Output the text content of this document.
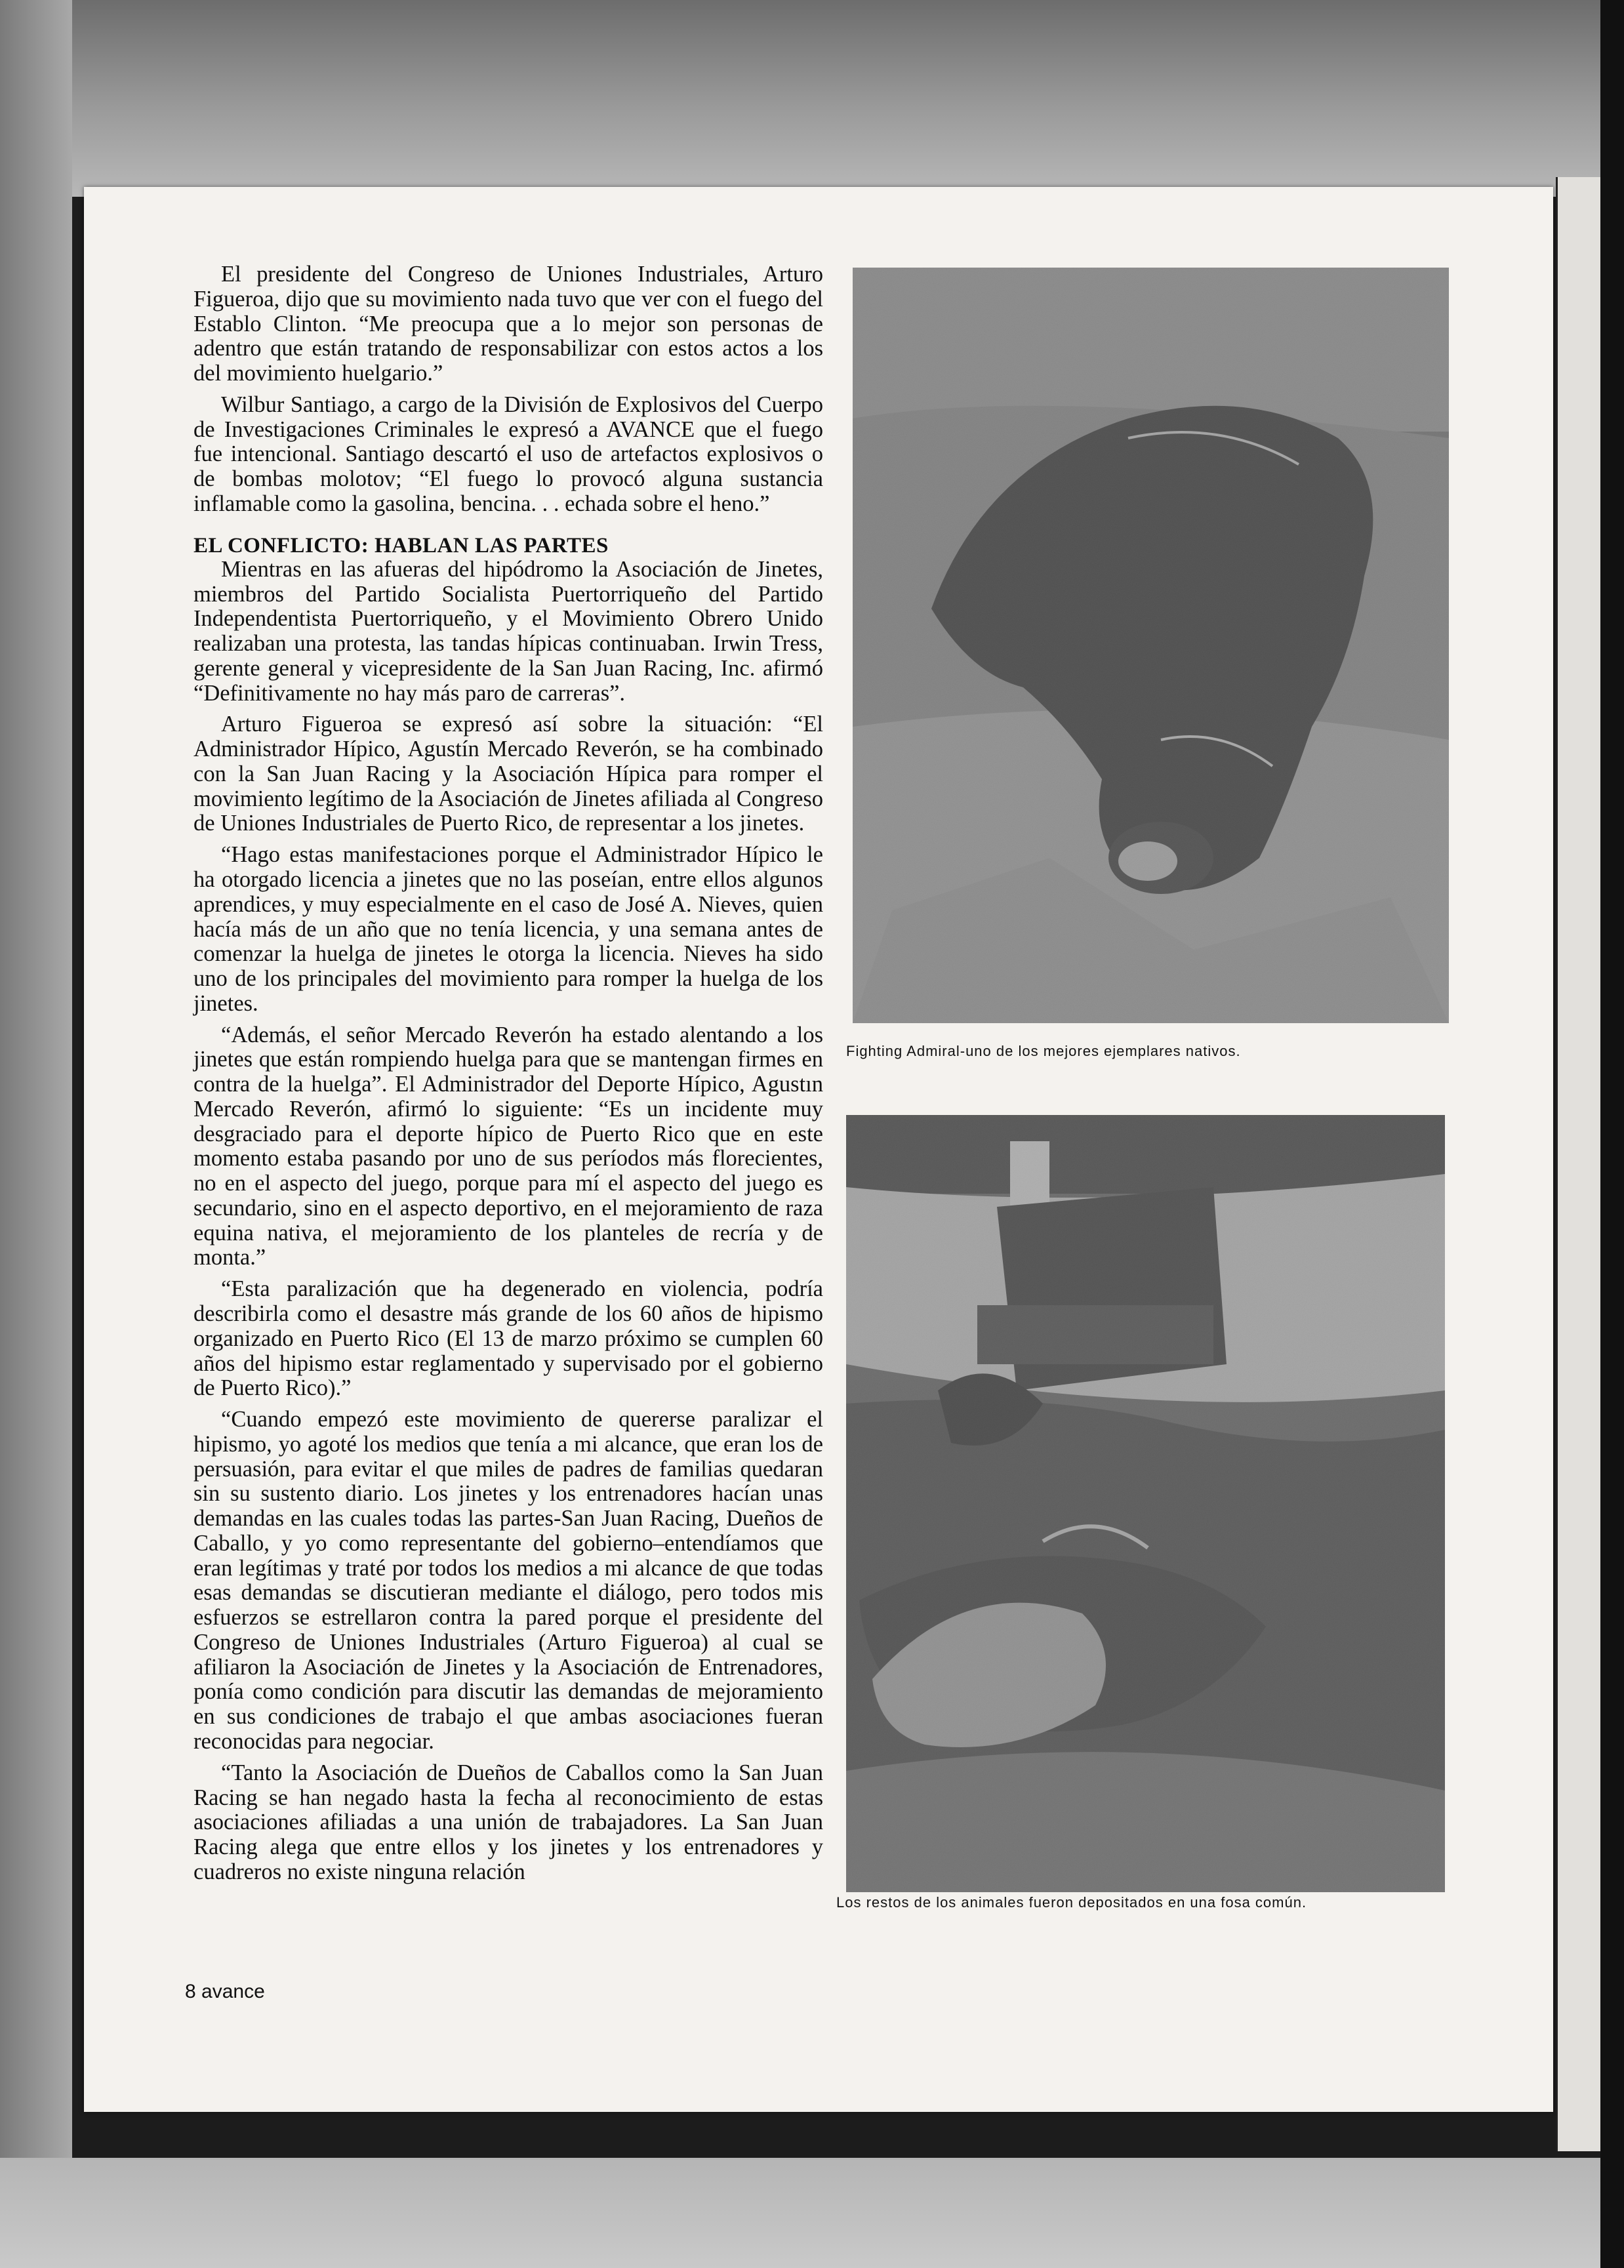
El presidente del Congreso de Uniones Industriales, Arturo Figueroa, dijo que su movimiento nada tuvo que ver con el fuego del Establo Clinton. “Me preocupa que a lo mejor son personas de adentro que están tratando de responsabilizar con estos actos a los del movimiento huelgario.”

Wilbur Santiago, a cargo de la División de Explosivos del Cuerpo de Investigaciones Criminales le expresó a AVANCE que el fuego fue intencional. Santiago descartó el uso de artefactos explosivos o de bombas molotov; “El fuego lo provocó alguna sustancia inflamable como la gasolina, bencina. . . echada sobre el heno.”

EL CONFLICTO: HABLAN LAS PARTES

Mientras en las afueras del hipódromo la Asociación de Jinetes, miembros del Partido Socialista Puertorriqueño del Partido Independentista Puertorriqueño, y el Movimiento Obrero Unido realizaban una protesta, las tandas hípicas continuaban. Irwin Tress, gerente general y vicepresidente de la San Juan Racing, Inc. afirmó “Definitivamente no hay más paro de carreras”.

Arturo Figueroa se expresó así sobre la situación: “El Administrador Hípico, Agustín Mercado Reverón, se ha combinado con la San Juan Racing y la Asociación Hípica para romper el movimiento legítimo de la Asociación de Jinetes afiliada al Congreso de Uniones Industriales de Puerto Rico, de representar a los jinetes.

“Hago estas manifestaciones porque el Administrador Hípico le ha otorgado licencia a jinetes que no las poseían, entre ellos algunos aprendices, y muy especialmente en el caso de José A. Nieves, quien hacía más de un año que no tenía licencia, y una semana antes de comenzar la huelga de jinetes le otorga la licencia. Nieves ha sido uno de los principales del movimiento para romper la huelga de los jinetes.

“Además, el señor Mercado Reverón ha estado alentando a los jinetes que están rompiendo huelga para que se mantengan firmes en contra de la huelga”. El Administrador del Deporte Hípico, Agustın Mercado Reverón, afirmó lo siguiente: “Es un incidente muy desgraciado para el deporte hípico de Puerto Rico que en este momento estaba pasando por uno de sus períodos más florecientes, no en el aspecto del juego, porque para mí el aspecto del juego es secundario, sino en el aspecto deportivo, en el mejoramiento de raza equina nativa, el mejoramiento de los planteles de recría y de monta.”

“Esta paralización que ha degenerado en violencia, podría describirla como el desastre más grande de los 60 años de hipismo organizado en Puerto Rico (El 13 de marzo próximo se cumplen 60 años del hipismo estar reglamentado y supervisado por el gobierno de Puerto Rico).”

“Cuando empezó este movimiento de quererse paralizar el hipismo, yo agoté los medios que tenía a mi alcance, que eran los de persuasión, para evitar el que miles de padres de familias quedaran sin su sustento diario. Los jinetes y los entrenadores hacían unas demandas en las cuales todas las partes-San Juan Racing, Dueños de Caballo, y yo como representante del gobierno–entendíamos que eran legítimas y traté por todos los medios a mi alcance de que todas esas demandas se discutieran mediante el diálogo, pero todos mis esfuerzos se estrellaron contra la pared porque el presidente del Congreso de Uniones Industriales (Arturo Figueroa) al cual se afiliaron la Asociación de Jinetes y la Asociación de Entrenadores, ponía como condición para discutir las demandas de mejoramiento en sus condiciones de trabajo el que ambas asociaciones fueran reconocidas para negociar.

“Tanto la Asociación de Dueños de Caballos como la San Juan Racing se han negado hasta la fecha al reconocimiento de estas asociaciones afiliadas a una unión de trabajadores. La San Juan Racing alega que entre ellos y los jinetes y los entrenadores y cuadreros no existe ninguna relación

Fighting Admiral-uno de los mejores ejemplares nativos.
Los restos de los animales fueron depositados en una fosa común.
8 avance
